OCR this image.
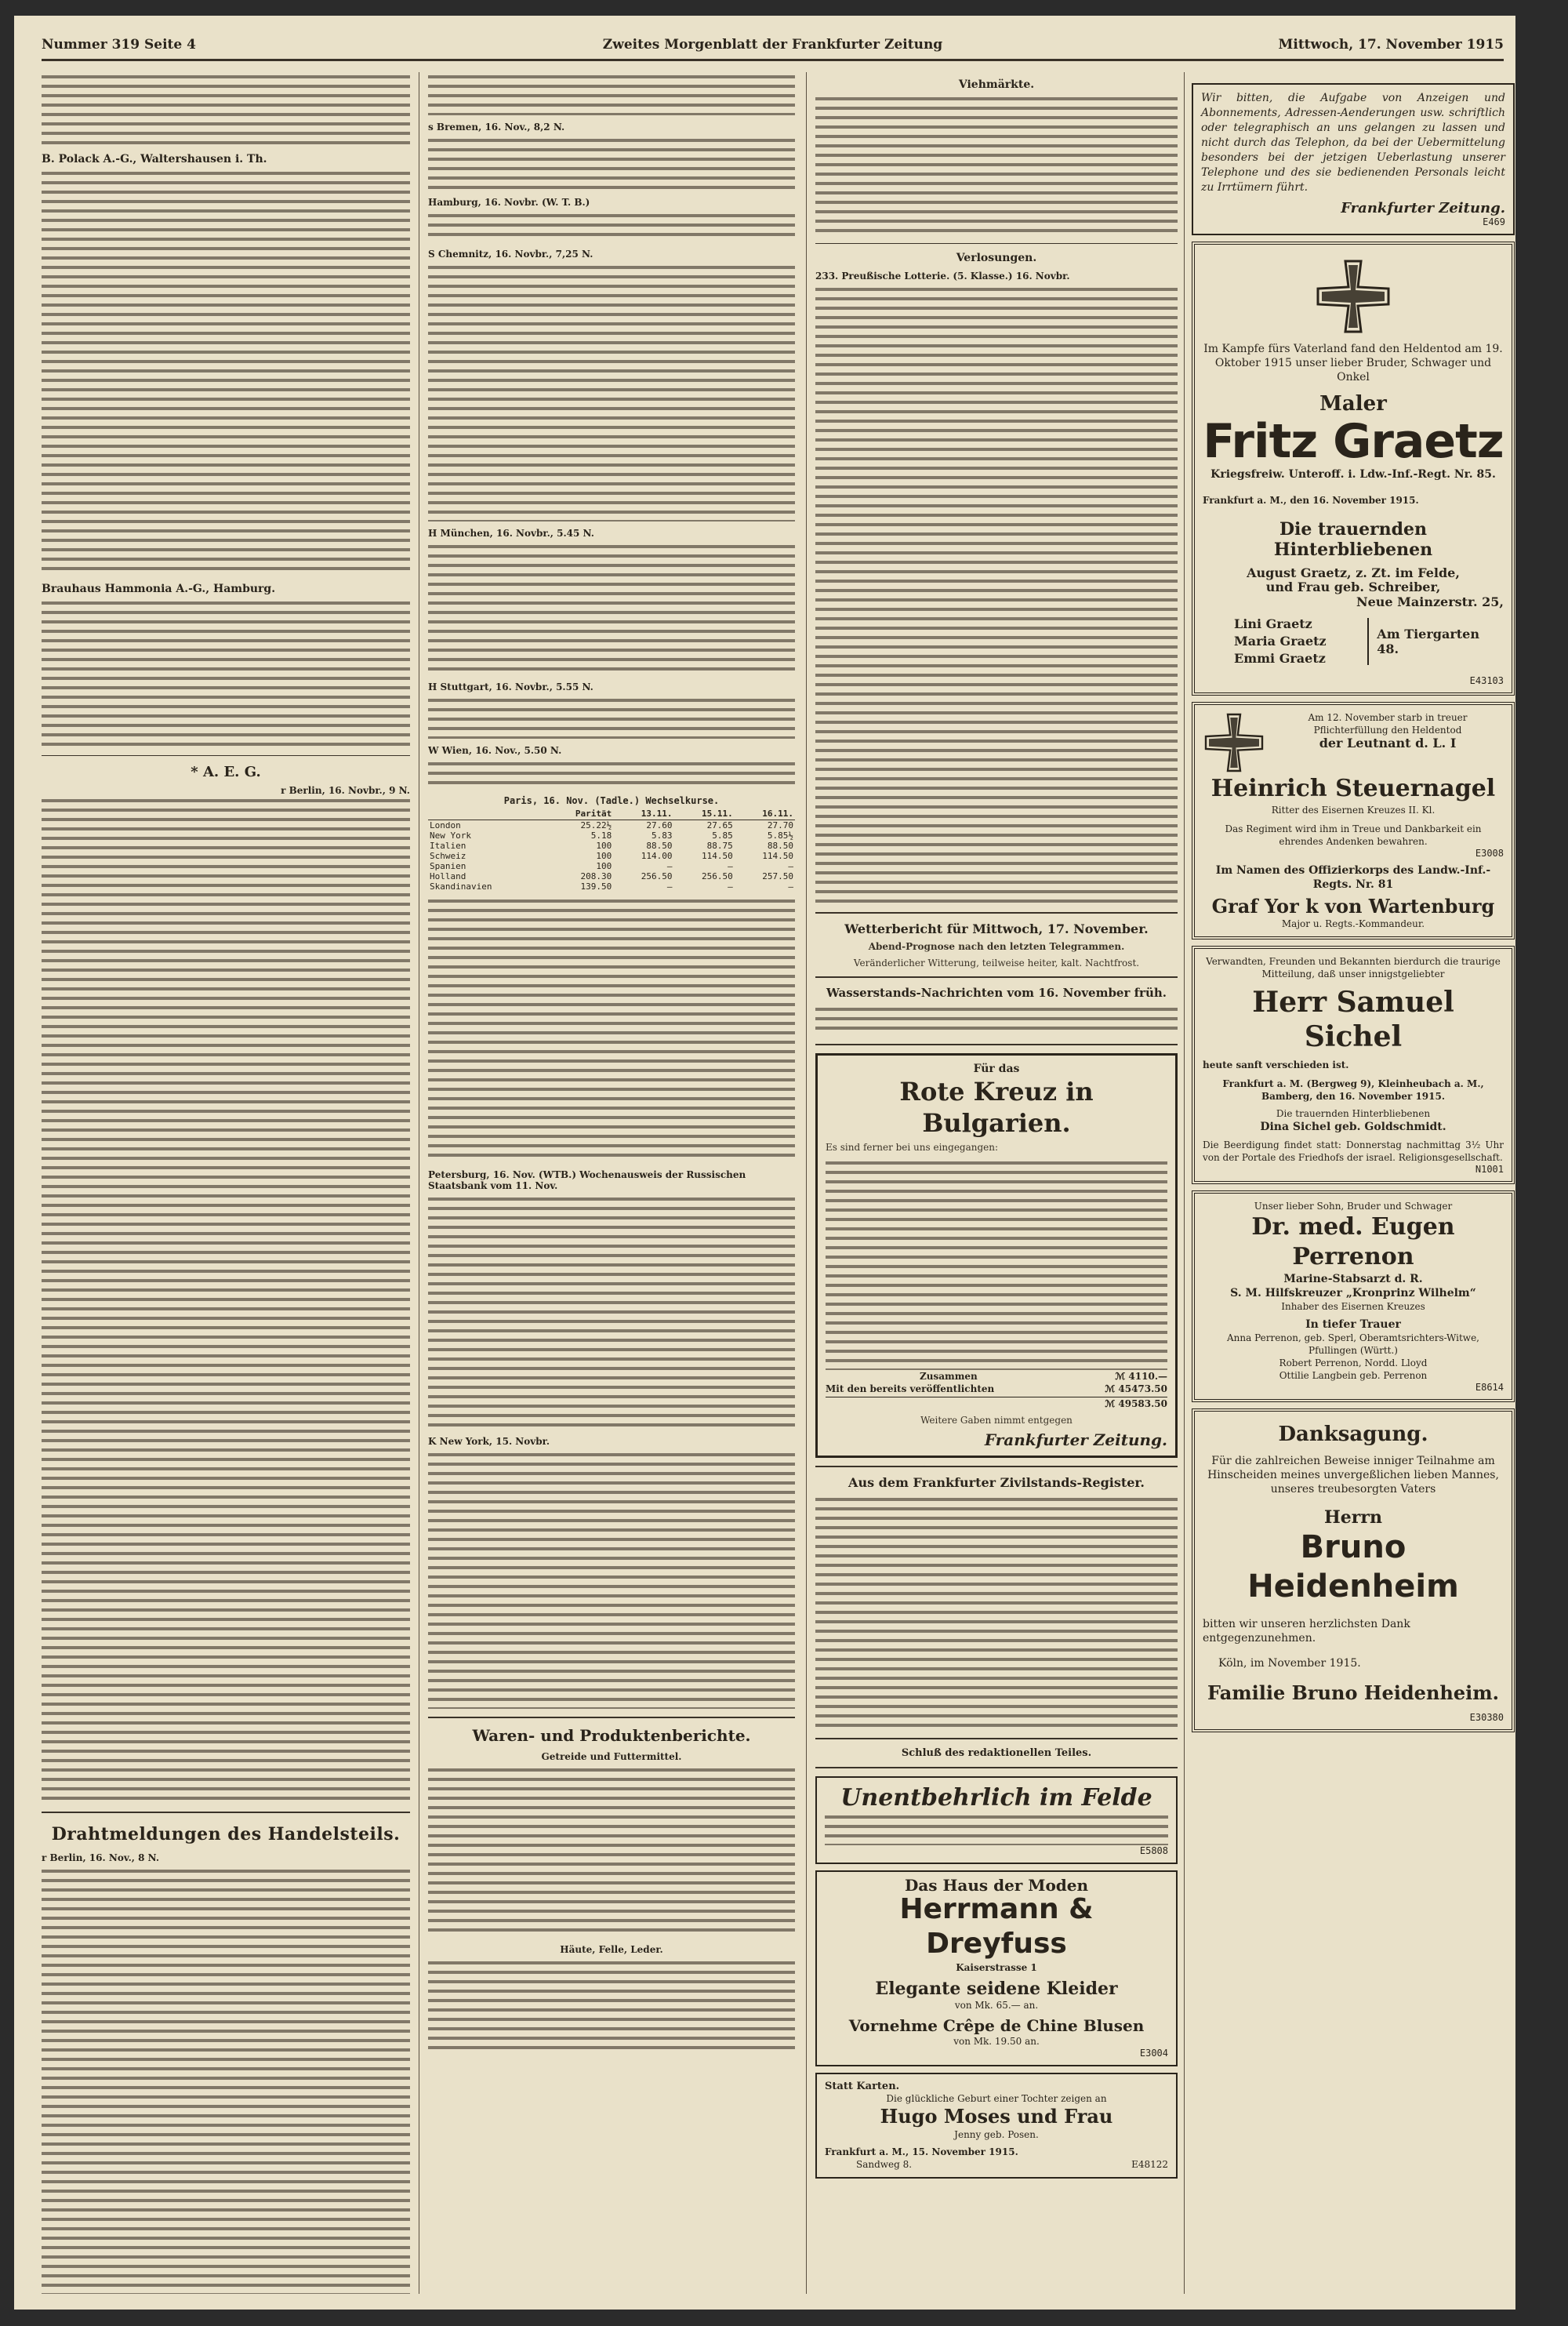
Nummer 319 Seite 4	Zweites Morgenblatt der Frankfurter Zeitung	Mittwoch, 17. November 1915
B. Polack A.-G., Waltershausen i. Th.
Brauhaus Hammonia A.-G., Hamburg.
* A. E. G.
r Berlin, 16. Novbr., 9 N.
Drahtmeldungen des Handelsteils.
r Berlin, 16. Nov., 8 N.
s Bremen, 16. Nov., 8,2 N.
Hamburg, 16. Novbr. (W. T. B.)
S Chemnitz, 16. Novbr., 7,25 N.
H München, 16. Novbr., 5.45 N.
H Stuttgart, 16. Novbr., 5.55 N.
W Wien, 16. Nov., 5.50 N.
Paris, 16. Nov. (Tadle.) Wechselkurse.
	Parität	13.11.	15.11.	16.11.
London	25.22½	27.60	27.65	27.70
New York	5.18	5.83	5.85	5.85½
Italien	100	88.50	88.75	88.50
Schweiz	100	114.00	114.50	114.50
Spanien	100	—	—	—
Holland	208.30	256.50	256.50	257.50
Skandinavien	139.50	—	—	—
Petersburg, 16. Nov. (WTB.) Wochenausweis der Russischen Staatsbank vom 11. Nov.
K New York, 15. Novbr.
Waren- und Produktenberichte.
Getreide und Futtermittel.
Häute, Felle, Leder.
Viehmärkte.
Verlosungen.
233. Preußische Lotterie. (5. Klasse.) 16. Novbr.
Wetterbericht für Mittwoch, 17. November.
Abend-Prognose nach den letzten Telegrammen.
Veränderlicher Witterung, teilweise heiter, kalt. Nachtfrost.
Wasserstands-Nachrichten vom 16. November früh.
Für das
Rote Kreuz in Bulgarien.
Es sind ferner bei uns eingegangen:
Zusammen	ℳ 4110.—
Mit den bereits veröffentlichten	ℳ 45473.50
ℳ 49583.50
Weitere Gaben nimmt entgegen
Frankfurter Zeitung.
Aus dem Frankfurter Zivilstands-Register.
Schluß des redaktionellen Teiles.
Unentbehrlich im Felde
E5808
Das Haus der Moden
Herrmann & Dreyfuss
Kaiserstrasse 1
Elegante seidene Kleider
von Mk. 65.— an.
Vornehme Crêpe de Chine Blusen
von Mk. 19.50 an.
E3004
Statt Karten.
Die glückliche Geburt einer Tochter zeigen an
Hugo Moses und Frau
Jenny geb. Posen.
Frankfurt a. M., 15. November 1915.
Sandweg 8.	E48122
Wir bitten, die Aufgabe von Anzeigen und Abonnements, Adressen-Aenderungen usw. schriftlich oder telegraphisch an uns gelangen zu lassen und nicht durch das Telephon, da bei der Uebermittelung besonders bei der jetzigen Ueberlastung unserer Telephone und des sie bedienenden Personals leicht zu Irrtümern führt.
Frankfurter Zeitung.
E469
Im Kampfe fürs Vaterland fand den Heldentod am 19. Oktober 1915 unser lieber Bruder, Schwager und Onkel
Maler
Fritz Graetz
Kriegsfreiw. Unteroff. i. Ldw.-Inf.-Regt. Nr. 85.
Frankfurt a. M., den 16. November 1915.
Die trauernden Hinterbliebenen
August Graetz, z. Zt. im Felde,
und Frau geb. Schreiber,
Neue Mainzerstr. 25,
Lini Graetz
Maria Graetz
Emmi Graetz
Am Tiergarten 48.
E43103
Am 12. November starb in treuer Pflichterfüllung den Heldentod
der Leutnant d. L. I
Heinrich Steuernagel
Ritter des Eisernen Kreuzes II. Kl.
Das Regiment wird ihm in Treue und Dankbarkeit ein ehrendes Andenken bewahren.
E3008
Im Namen des Offizierkorps des Landw.-Inf.-Regts. Nr. 81
Graf Yor k von Wartenburg
Major u. Regts.-Kommandeur.
Verwandten, Freunden und Bekannten bierdurch die traurige Mitteilung, daß unser innigstgeliebter
Herr Samuel Sichel
heute sanft verschieden ist.
Frankfurt a. M. (Bergweg 9), Kleinheubach a. M., Bamberg, den 16. November 1915.
Die trauernden Hinterbliebenen
Dina Sichel geb. Goldschmidt.
Die Beerdigung findet statt: Donnerstag nachmittag 3½ Uhr von der Portale des Friedhofs der israel. Religionsgesellschaft.
N1001
Unser lieber Sohn, Bruder und Schwager
Dr. med. Eugen Perrenon
Marine-Stabsarzt d. R.
S. M. Hilfskreuzer „Kronprinz Wilhelm“
Inhaber des Eisernen Kreuzes
In tiefer Trauer
Anna Perrenon, geb. Sperl, Oberamtsrichters-Witwe, Pfullingen (Württ.)
Robert Perrenon, Nordd. Lloyd
Ottilie Langbein geb. Perrenon
E8614
Danksagung.
Für die zahlreichen Beweise inniger Teilnahme am Hinscheiden meines unvergeßlichen lieben Mannes, unseres treubesorgten Vaters
Herrn
Bruno Heidenheim
bitten wir unseren herzlichsten Dank entgegenzunehmen.
Köln, im November 1915.
Familie Bruno Heidenheim.
E30380
